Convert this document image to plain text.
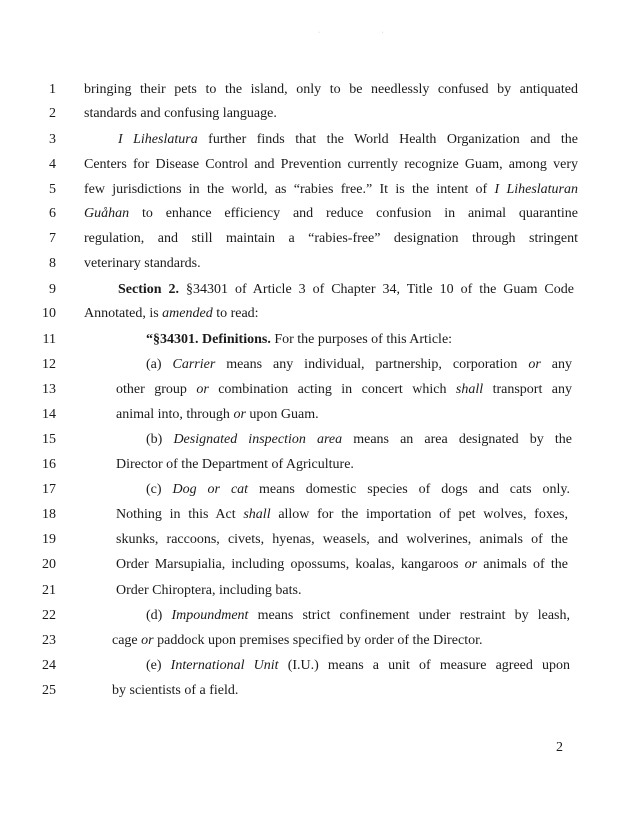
· ·
1 bringing their pets to the island, only to be needlessly confused by antiquated
2 standards and confusing language.
3	I Liheslatura further finds that the World Health Organization and the
4 Centers for Disease Control and Prevention currently recognize Guam, among very
5 few jurisdictions in the world, as “rabies free.” It is the intent of I Liheslaturan
6 Guåhan to enhance efficiency and reduce confusion in animal quarantine
7 regulation, and still maintain a “rabies-free” designation through stringent
8 veterinary standards.
9	Section 2. §34301 of Article 3 of Chapter 34, Title 10 of the Guam Code
10 Annotated, is amended to read:
11	“§34301. Definitions. For the purposes of this Article:
12	(a) Carrier means any individual, partnership, corporation or any
13	other group or combination acting in concert which shall transport any
14	animal into, through or upon Guam.
15	(b) Designated inspection area means an area designated by the
16	Director of the Department of Agriculture.
17	(c) Dog or cat means domestic species of dogs and cats only.
18	Nothing in this Act shall allow for the importation of pet wolves, foxes,
19	skunks, raccoons, civets, hyenas, weasels, and wolverines, animals of the
20	Order Marsupialia, including opossums, koalas, kangaroos or animals of the
21	Order Chiroptera, including bats.
22	(d) Impoundment means strict confinement under restraint by leash,
23	cage or paddock upon premises specified by order of the Director.
24	(e) International Unit (I.U.) means a unit of measure agreed upon
25	by scientists of a field.
2
